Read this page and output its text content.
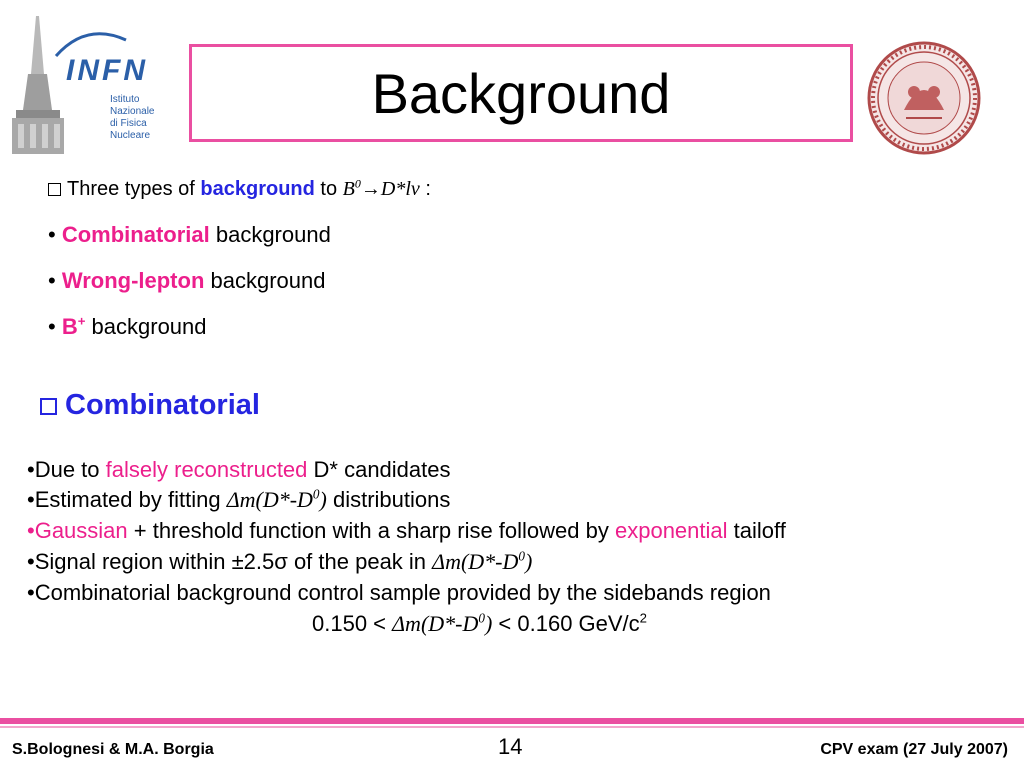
INFN
Istituto Nazionale
di Fisica Nucleare
Background
Three types of background to $B^0\to D*l\nu$ :
• Combinatorial background
• Wrong-lepton background
• B+ background
Combinatorial
•Due to falsely reconstructed D* candidates
•Estimated by fitting $\Delta m(D*-D^0)$ distributions
•Gaussian + threshold function with a sharp rise followed by exponential tailoff
•Signal region within ±2.5σ of the peak in $\Delta m(D*-D^0)$
•Combinatorial background control sample provided by the sidebands region
$0.150 < \Delta m(D*-D^0) < 0.160$ GeV/$c^2$
S.Bolognesi & M.A. Borgia	14	CPV exam (27 July 2007)
